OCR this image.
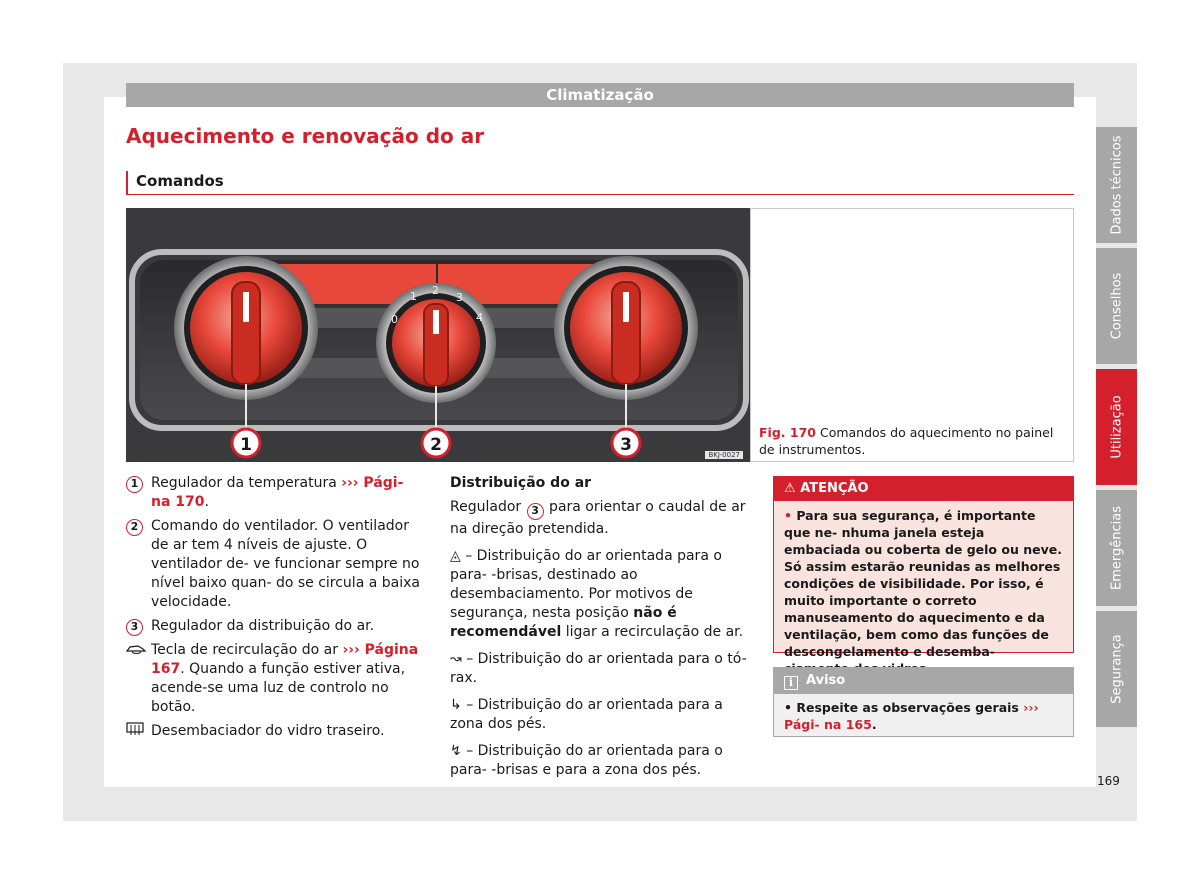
Climatização
Aquecimento e renovação do ar
Comandos
0
1 2
3
4
1	2	3	BKJ-0027
Fig. 170 Comandos do aquecimento no painel de instrumentos.
1 Regulador da temperatura ››› Pági- na 170.
2 Comando do ventilador. O ventilador de ar tem 4 níveis de ajuste. O ventilador de- ve funcionar sempre no nível baixo quan- do se circula a baixa velocidade.
3 Regulador da distribuição do ar.
Tecla de recirculação do ar ››› Página 167. Quando a função estiver ativa, acende-se uma luz de controlo no botão.
Desembaciador do vidro traseiro.
Distribuição do ar
Regulador 3 para orientar o caudal de ar na direção pretendida.
◬ – Distribuição do ar orientada para o para- -brisas, destinado ao desembaciamento. Por motivos de segurança, nesta posição não é recomendável ligar a recirculação de ar.
↝ – Distribuição do ar orientada para o tó- rax.
↳ – Distribuição do ar orientada para a zona dos pés.
↯ – Distribuição do ar orientada para o para- -brisas e para a zona dos pés.
⚠ ATENÇÃO
• Para sua segurança, é importante que ne- nhuma janela esteja embaciada ou coberta de gelo ou neve. Só assim estarão reunidas as melhores condições de visibilidade. Por isso, é muito importante o correto manuseamento do aquecimento e da ventilação, bem como das funções de descongelamento e desemba-
i Aviso
• Respeite as observações gerais ››› Pági- na 165.
Dados técnicos
Conselhos
Utilização
Emergências
Segurança
169
